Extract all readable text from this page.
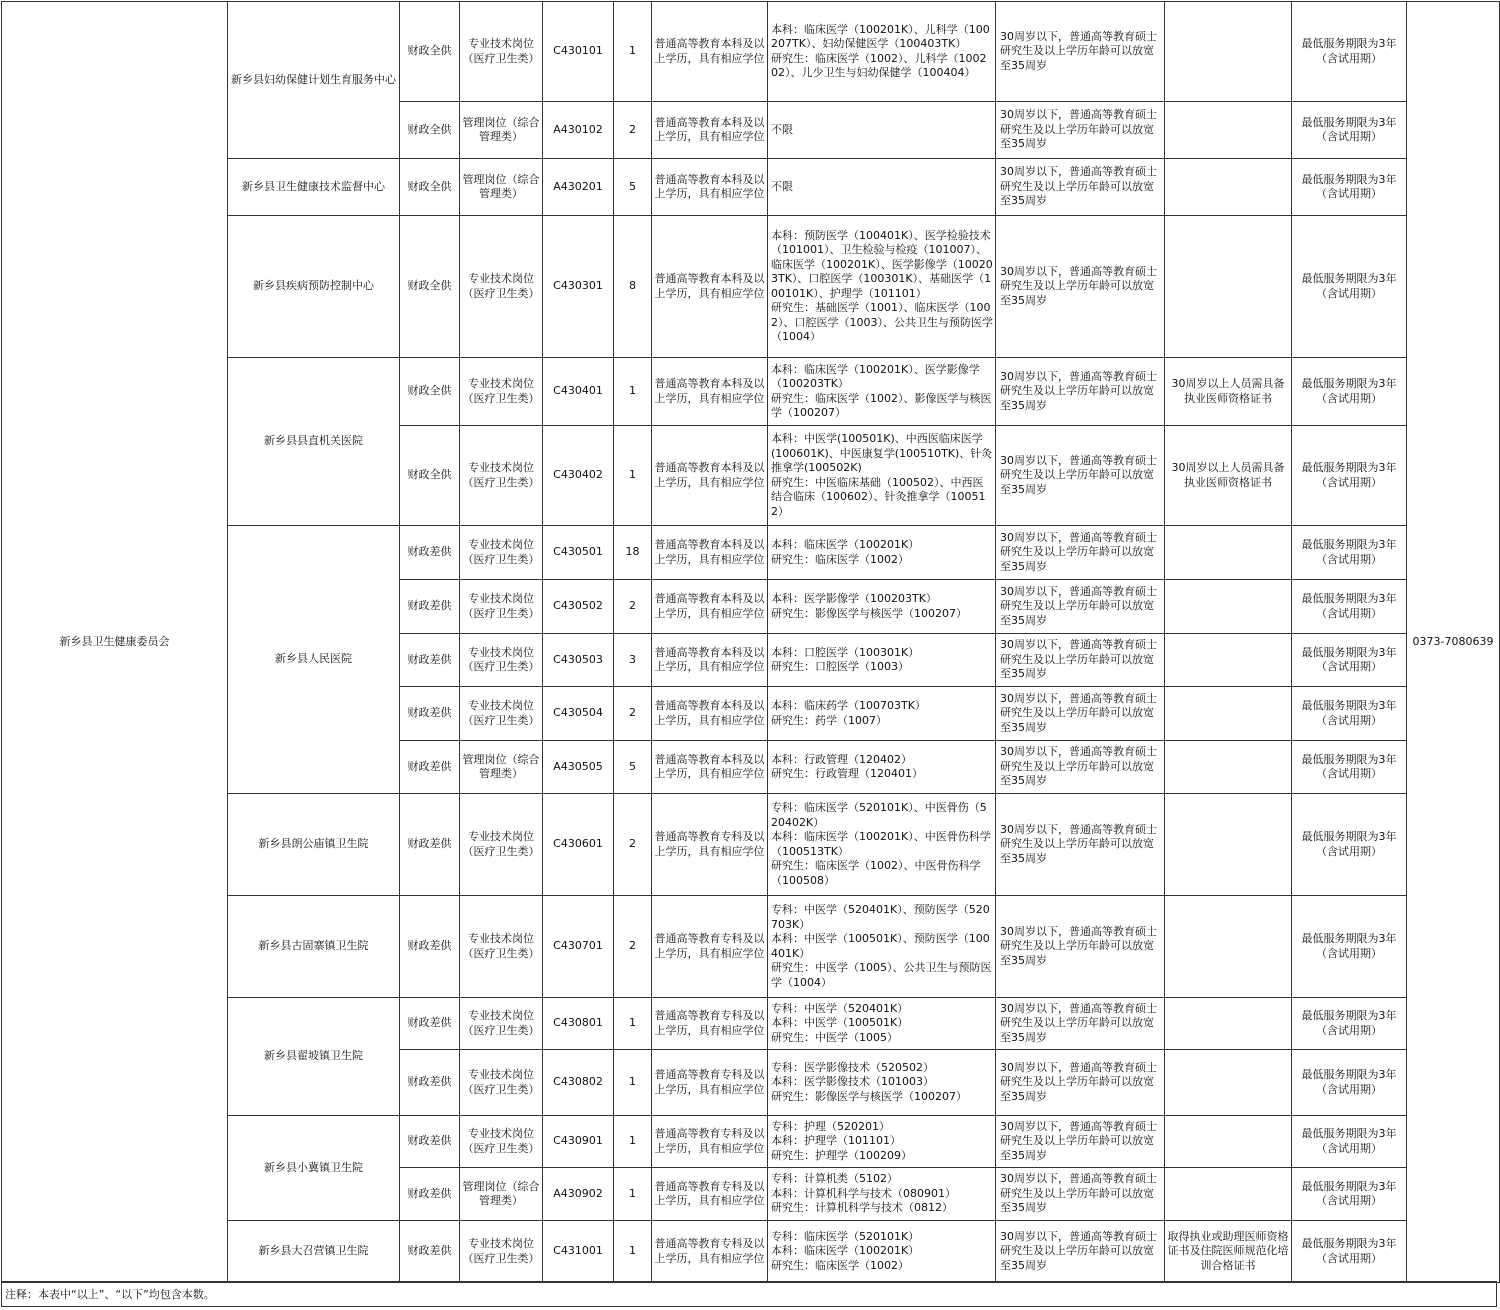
新乡县卫生健康委员会	新乡县妇幼保健计划生育服务中心	财政全供	专业技术岗位（医疗卫生类）	C430101	1	普通高等教育本科及以上学历，具有相应学位	本科：临床医学（100201K）、儿科学（100207TK）、妇幼保健医学（100403TK）
研究生：临床医学（1002）、儿科学（100202）、儿少卫生与妇幼保健学（100404）	30周岁以下，普通高等教育硕士研究生及以上学历年龄可以放宽至35周岁		最低服务期限为3年（含试用期）	0373-7080639
		财政全供	管理岗位（综合管理类）	A430102	2	普通高等教育本科及以上学历，具有相应学位	不限	30周岁以下，普通高等教育硕士研究生及以上学历年龄可以放宽至35周岁		最低服务期限为3年（含试用期）	
	新乡县卫生健康技术监督中心	财政全供	管理岗位（综合管理类）	A430201	5	普通高等教育本科及以上学历，具有相应学位	不限	30周岁以下，普通高等教育硕士研究生及以上学历年龄可以放宽至35周岁		最低服务期限为3年（含试用期）	
	新乡县疾病预防控制中心	财政全供	专业技术岗位（医疗卫生类）	C430301	8	普通高等教育本科及以上学历，具有相应学位	本科：预防医学（100401K）、医学检验技术（101001）、卫生检验与检疫（101007）、临床医学（100201K）、医学影像学（100203TK）、口腔医学（100301K）、基础医学（100101K）、护理学（101101）
研究生：基础医学（1001）、临床医学（1002）、口腔医学（1003）、公共卫生与预防医学（1004）	30周岁以下，普通高等教育硕士研究生及以上学历年龄可以放宽至35周岁		最低服务期限为3年（含试用期）	
	新乡县县直机关医院	财政全供	专业技术岗位（医疗卫生类）	C430401	1	普通高等教育本科及以上学历，具有相应学位	本科：临床医学（100201K）、医学影像学（100203TK）
研究生：临床医学（1002）、影像医学与核医学（100207）	30周岁以下，普通高等教育硕士研究生及以上学历年龄可以放宽至35周岁	30周岁以上人员需具备执业医师资格证书	最低服务期限为3年（含试用期）	
		财政全供	专业技术岗位（医疗卫生类）	C430402	1	普通高等教育本科及以上学历，具有相应学位	本科：中医学(100501K)、中西医临床医学(100601K)、中医康复学(100510TK)、针灸推拿学(100502K)
研究生：中医临床基础（100502）、中西医结合临床（100602）、针灸推拿学（100512）	30周岁以下，普通高等教育硕士研究生及以上学历年龄可以放宽至35周岁	30周岁以上人员需具备执业医师资格证书	最低服务期限为3年（含试用期）	
	新乡县人民医院	财政差供	专业技术岗位（医疗卫生类）	C430501	18	普通高等教育本科及以上学历，具有相应学位	本科：临床医学（100201K）
研究生：临床医学（1002）	30周岁以下，普通高等教育硕士研究生及以上学历年龄可以放宽至35周岁		最低服务期限为3年（含试用期）	
		财政差供	专业技术岗位（医疗卫生类）	C430502	2	普通高等教育本科及以上学历，具有相应学位	本科：医学影像学（100203TK）
研究生：影像医学与核医学（100207）	30周岁以下，普通高等教育硕士研究生及以上学历年龄可以放宽至35周岁		最低服务期限为3年（含试用期）	
		财政差供	专业技术岗位（医疗卫生类）	C430503	3	普通高等教育本科及以上学历，具有相应学位	本科：口腔医学（100301K）
研究生：口腔医学（1003）	30周岁以下，普通高等教育硕士研究生及以上学历年龄可以放宽至35周岁		最低服务期限为3年（含试用期）	
		财政差供	专业技术岗位（医疗卫生类）	C430504	2	普通高等教育本科及以上学历，具有相应学位	本科：临床药学（100703TK）
研究生：药学（1007）	30周岁以下，普通高等教育硕士研究生及以上学历年龄可以放宽至35周岁		最低服务期限为3年（含试用期）	
		财政差供	管理岗位（综合管理类）	A430505	5	普通高等教育本科及以上学历，具有相应学位	本科：行政管理（120402）
研究生：行政管理（120401）	30周岁以下，普通高等教育硕士研究生及以上学历年龄可以放宽至35周岁		最低服务期限为3年（含试用期）	
	新乡县朗公庙镇卫生院	财政差供	专业技术岗位（医疗卫生类）	C430601	2	普通高等教育专科及以上学历，具有相应学位	专科：临床医学（520101K）、中医骨伤（520402K）
本科：临床医学（100201K）、中医骨伤科学（100513TK）
研究生：临床医学（1002）、中医骨伤科学（100508）	30周岁以下，普通高等教育硕士研究生及以上学历年龄可以放宽至35周岁		最低服务期限为3年（含试用期）	
	新乡县古固寨镇卫生院	财政差供	专业技术岗位（医疗卫生类）	C430701	2	普通高等教育专科及以上学历，具有相应学位	专科：中医学（520401K）、预防医学（520703K）
本科：中医学（100501K）、预防医学（100401K）
研究生：中医学（1005）、公共卫生与预防医学（1004）	30周岁以下，普通高等教育硕士研究生及以上学历年龄可以放宽至35周岁		最低服务期限为3年（含试用期）	
	新乡县翟坡镇卫生院	财政差供	专业技术岗位（医疗卫生类）	C430801	1	普通高等教育专科及以上学历，具有相应学位	专科：中医学（520401K）
本科：中医学（100501K）
研究生：中医学（1005）	30周岁以下，普通高等教育硕士研究生及以上学历年龄可以放宽至35周岁		最低服务期限为3年（含试用期）	
		财政差供	专业技术岗位（医疗卫生类）	C430802	1	普通高等教育专科及以上学历，具有相应学位	专科：医学影像技术（520502）
本科：医学影像技术（101003）
研究生：影像医学与核医学（100207）	30周岁以下，普通高等教育硕士研究生及以上学历年龄可以放宽至35周岁		最低服务期限为3年（含试用期）	
	新乡县小冀镇卫生院	财政差供	专业技术岗位（医疗卫生类）	C430901	1	普通高等教育专科及以上学历，具有相应学位	专科：护理（520201）
本科：护理学（101101）
研究生：护理学（100209）	30周岁以下，普通高等教育硕士研究生及以上学历年龄可以放宽至35周岁		最低服务期限为3年（含试用期）	
		财政差供	管理岗位（综合管理类）	A430902	1	普通高等教育专科及以上学历，具有相应学位	专科：计算机类（5102）
本科：计算机科学与技术（080901）
研究生：计算机科学与技术（0812）	30周岁以下，普通高等教育硕士研究生及以上学历年龄可以放宽至35周岁		最低服务期限为3年（含试用期）	
	新乡县大召营镇卫生院	财政差供	专业技术岗位（医疗卫生类）	C431001	1	普通高等教育专科及以上学历，具有相应学位	专科：临床医学（520101K）
本科：临床医学（100201K）
研究生：临床医学（1002）	30周岁以下，普通高等教育硕士研究生及以上学历年龄可以放宽至35周岁	取得执业或助理医师资格证书及住院医师规范化培训合格证书	最低服务期限为3年（含试用期）	
注释：本表中“以上”、“以下”均包含本数。
